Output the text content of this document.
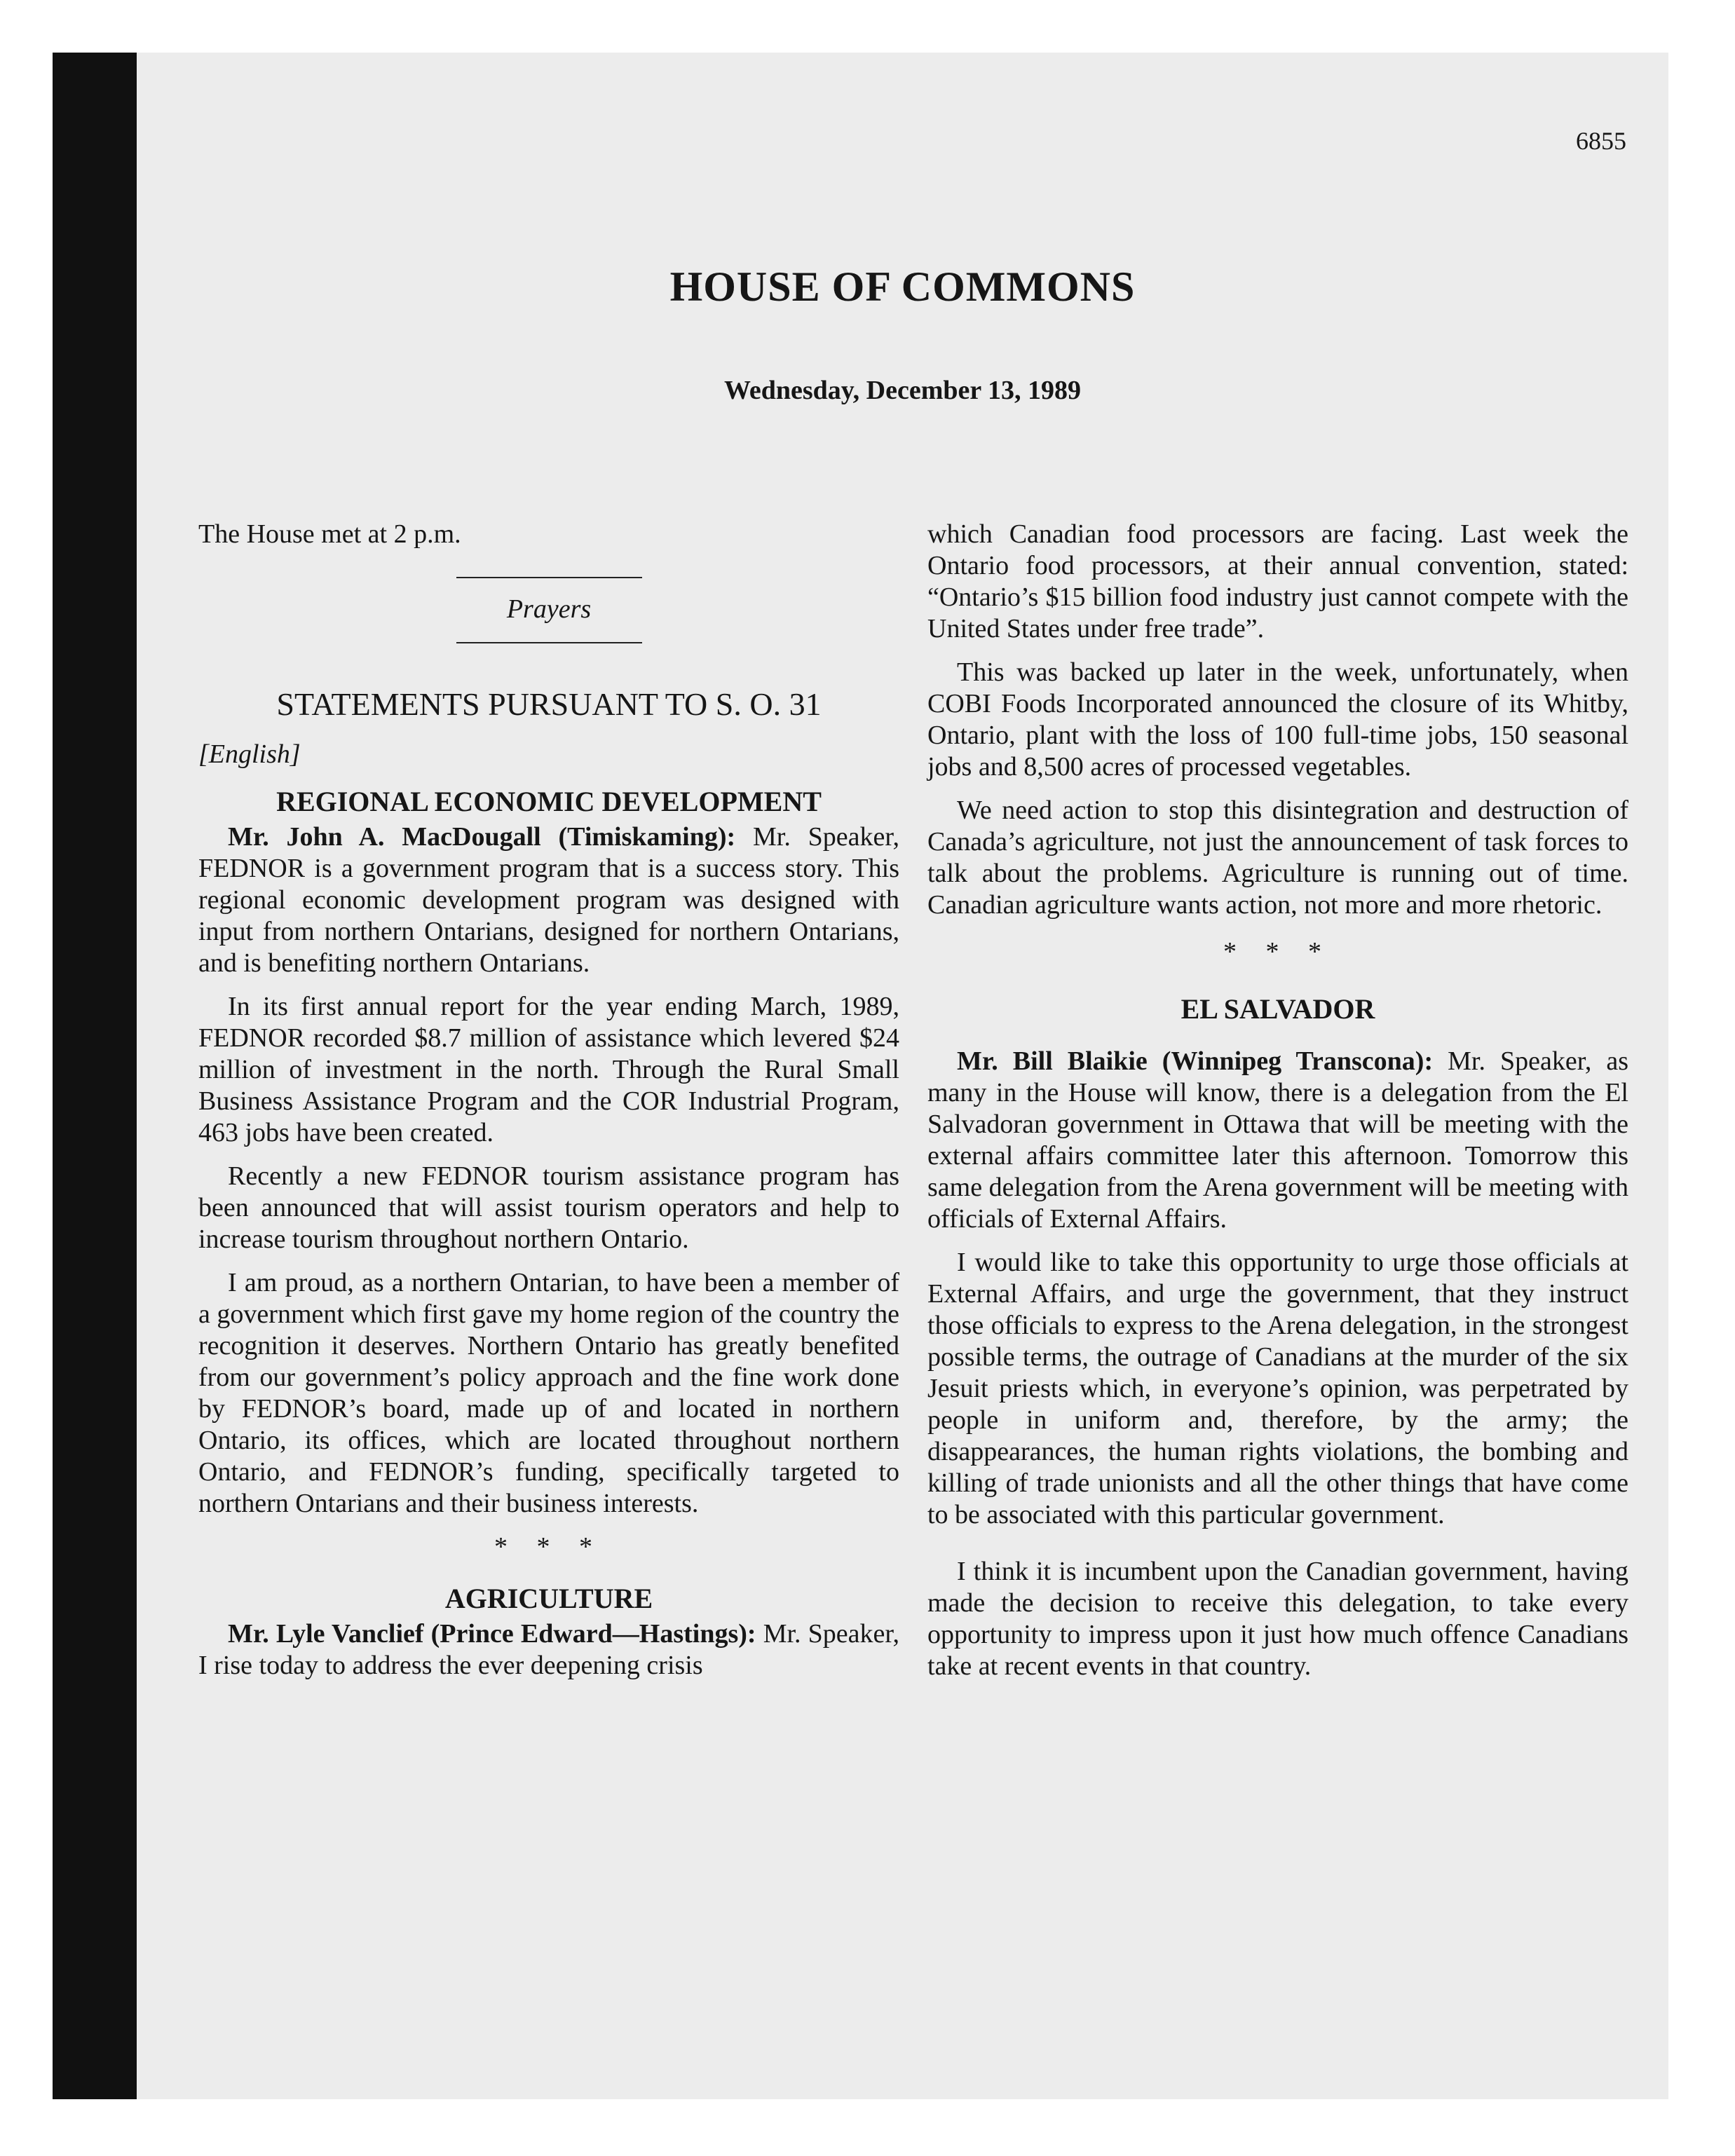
6855
HOUSE OF COMMONS
Wednesday, December 13, 1989

The House met at 2 p.m.

Prayers
STATEMENTS PURSUANT TO S. O. 31
[English]
REGIONAL ECONOMIC DEVELOPMENT

Mr. John A. MacDougall (Timiskaming): Mr. Speaker, FEDNOR is a government program that is a success story. This regional economic development program was designed with input from northern Ontarians, designed for northern Ontarians, and is benefiting northern Ontarians.

In its first annual report for the year ending March, 1989, FEDNOR recorded $8.7 million of assistance which levered $24 million of investment in the north. Through the Rural Small Business Assistance Program and the COR Industrial Program, 463 jobs have been created.

Recently a new FEDNOR tourism assistance program has been announced that will assist tourism operators and help to increase tourism throughout northern Ontario.

I am proud, as a northern Ontarian, to have been a member of a government which first gave my home region of the country the recognition it deserves. Northern Ontario has greatly benefited from our government’s policy approach and the fine work done by FEDNOR’s board, made up of and located in northern Ontario, its offices, which are located throughout northern Ontario, and FEDNOR’s funding, specifically targeted to northern Ontarians and their business interests.

* * *
AGRICULTURE

Mr. Lyle Vanclief (Prince Edward—Hastings): Mr. Speaker, I rise today to address the ever deepening crisis

which Canadian food processors are facing. Last week the Ontario food processors, at their annual convention, stated: “Ontario’s $15 billion food industry just cannot compete with the United States under free trade”.

This was backed up later in the week, unfortunately, when COBI Foods Incorporated announced the closure of its Whitby, Ontario, plant with the loss of 100 full-time jobs, 150 seasonal jobs and 8,500 acres of processed vegetables.

We need action to stop this disintegration and destruction of Canada’s agriculture, not just the announcement of task forces to talk about the problems. Agriculture is running out of time. Canadian agriculture wants action, not more and more rhetoric.

* * *
EL SALVADOR

Mr. Bill Blaikie (Winnipeg Transcona): Mr. Speaker, as many in the House will know, there is a delegation from the El Salvadoran government in Ottawa that will be meeting with the external affairs committee later this afternoon. Tomorrow this same delegation from the Arena government will be meeting with officials of External Affairs.

I would like to take this opportunity to urge those officials at External Affairs, and urge the government, that they instruct those officials to express to the Arena delegation, in the strongest possible terms, the outrage of Canadians at the murder of the six Jesuit priests which, in everyone’s opinion, was perpetrated by people in uniform and, therefore, by the army; the disappearances, the human rights violations, the bombing and killing of trade unionists and all the other things that have come to be associated with this particular government.

I think it is incumbent upon the Canadian government, having made the decision to receive this delegation, to take every opportunity to impress upon it just how much offence Canadians take at recent events in that country.
